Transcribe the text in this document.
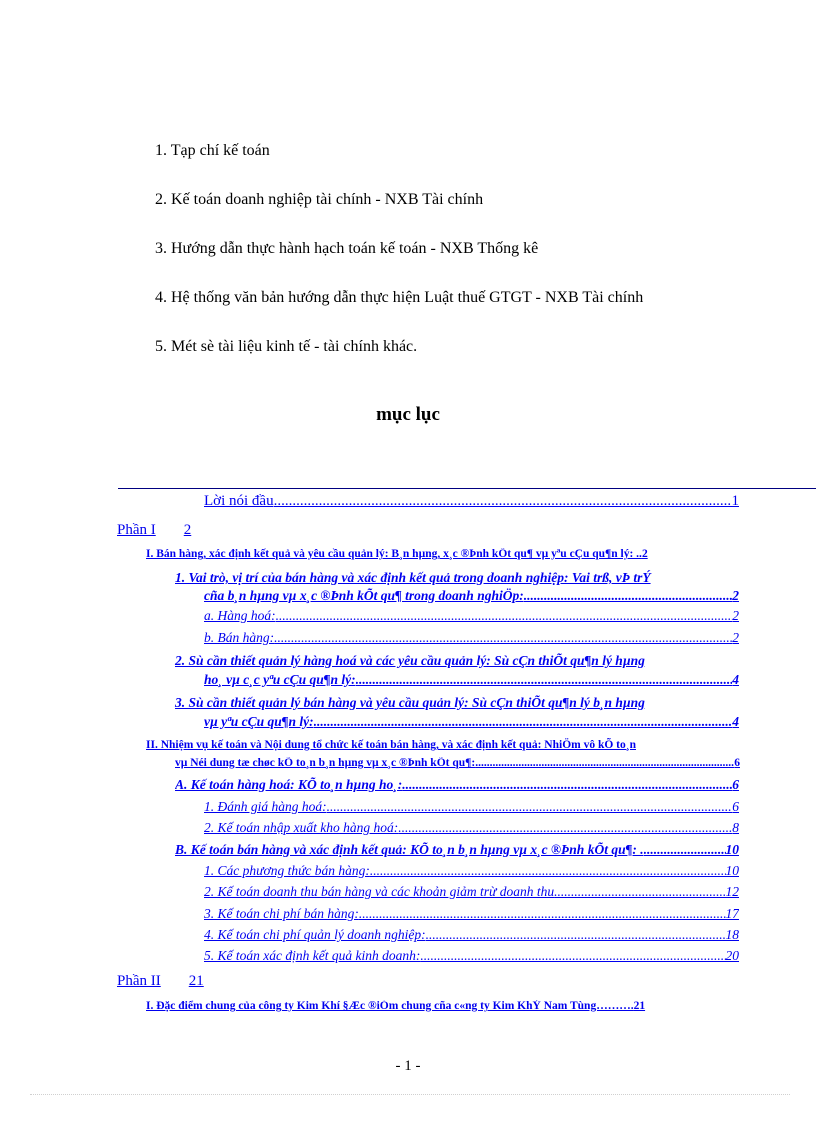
1. Tạp chí kế toán
2. Kế toán doanh nghiệp tài chính - NXB Tài chính
3. Hướng dẫn thực hành hạch toán kế toán - NXB Thống kê
4. Hệ thống văn bản hướng dẫn thực hiện Luật thuế GTGT - NXB Tài chính
5. Mét sè tài liệu kinh tế - tài chính khác.
mục lục
Lời nói đầu .....	1
Phần I 2
I. Bán hàng, xác định kết quả và yêu cầu quản lý: B¸n hµng, x¸c ®Þnh kÕt qu¶ vµ yªu cÇu qu¶n lý: .. 2
1. Vai trò, vị trí của bán hàng và xác định kết quả trong doanh nghiệp: Vai trß, vÞ trÝ
cña b¸n hµng vµ x¸c ®Þnh kÕt qu¶ trong doanh nghiÖp: .....	2
a. Hàng hoá: .....	2
b. Bán hàng: .....	2
2. Sù cần thiết quản lý hàng hoá và các yêu cầu quản lý: Sù cÇn thiÕt qu¶n lý hµng
ho¸ vµ c¸c yªu cÇu qu¶n lý: .....	4
3. Sù cần thiết quản lý bán hàng và yêu cầu quản lý: Sù cÇn thiÕt qu¶n lý b¸n hµng
vµ yªu cÇu qu¶n lý: .....	4
II. Nhiệm vụ kế toán và Nội dung tổ chức kế toán bán hàng, và xác định kết quả: NhiÖm vô kÕ to¸n
vµ Néi dung tæ chøc kÕ to¸n b¸n hµng vµ x¸c ®Þnh kÕt qu¶: .....	6
A. Kế toán hàng hoá: KÕ to¸n hµng ho¸: .....	6
1. Đánh giá hàng hoá: .....	6
2. Kế toán nhập xuất kho hàng hoá: .....	8
B. Kế toán bán hàng và xác định kết quả: KÕ to¸n b¸n hµng vµ x¸c ®Þnh kÕt qu¶: . .....	10
1. Các phương thức bán hàng: .....	10
2. Kế toán doanh thu bán hàng và các khoản giảm trừ doanh thu .....	12
3. Kế toán chi phí bán hàng: .....	17
4. Kế toán chi phí quản lý doanh nghiệp: .....	18
5. Kế toán xác định kết quả kinh doanh: .....	20
Phần II 21
I. Đặc điểm chung của công ty Kim Khí §Æc ®iÓm chung cña c«ng ty Kim KhÝ Nam Tùng………. 21
- 1 -
